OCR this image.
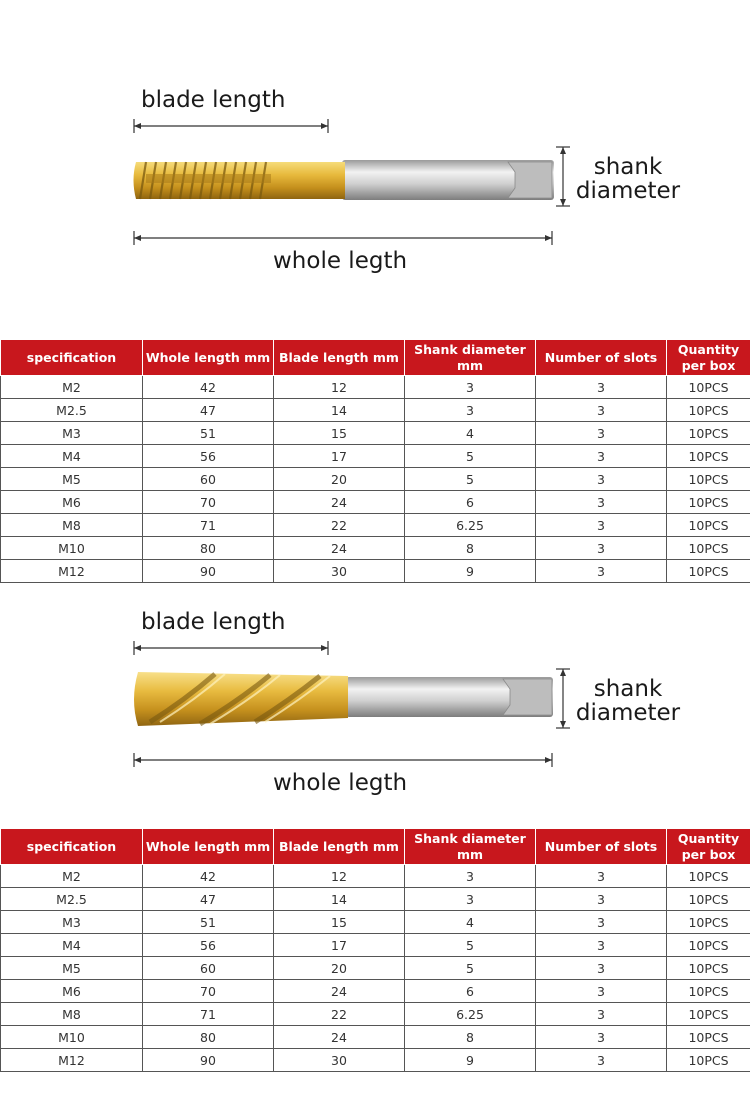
blade length
whole legth
shank
diameter
specification	Whole length mm	Blade length mm	Shank diameter mm	Number of slots	Quantity per box
M2	42	12	3	3	10PCS
M2.5	47	14	3	3	10PCS
M3	51	15	4	3	10PCS
M4	56	17	5	3	10PCS
M5	60	20	5	3	10PCS
M6	70	24	6	3	10PCS
M8	71	22	6.25	3	10PCS
M10	80	24	8	3	10PCS
M12	90	30	9	3	10PCS
blade length
whole legth
shank
diameter
specification	Whole length mm	Blade length mm	Shank diameter mm	Number of slots	Quantity per box
M2	42	12	3	3	10PCS
M2.5	47	14	3	3	10PCS
M3	51	15	4	3	10PCS
M4	56	17	5	3	10PCS
M5	60	20	5	3	10PCS
M6	70	24	6	3	10PCS
M8	71	22	6.25	3	10PCS
M10	80	24	8	3	10PCS
M12	90	30	9	3	10PCS
